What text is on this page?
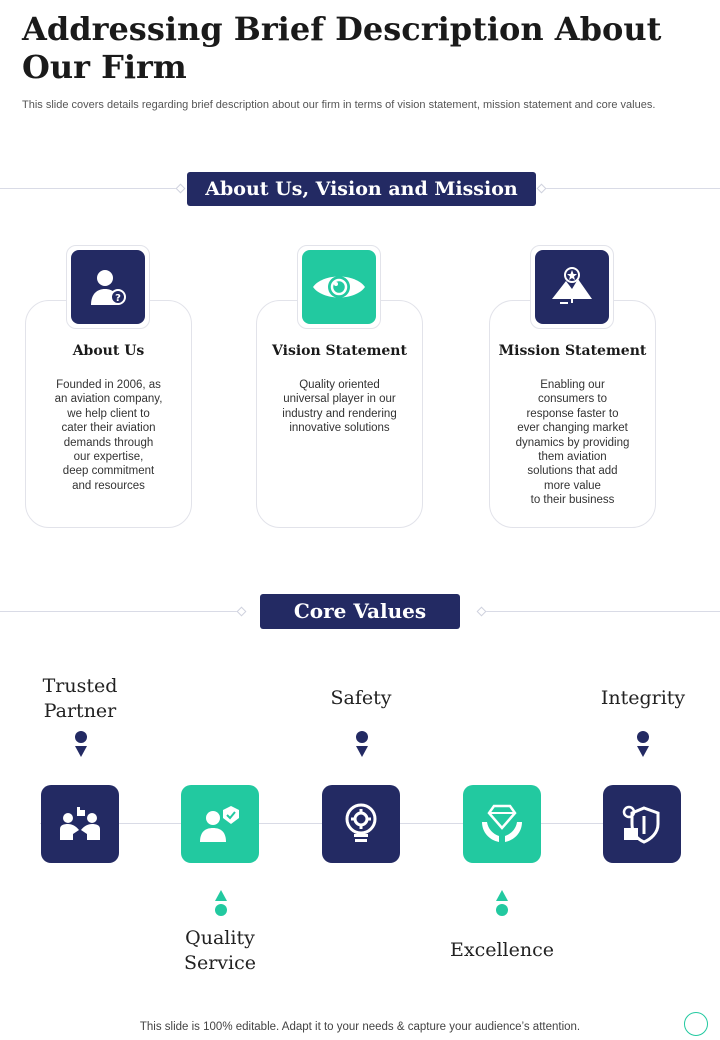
Addressing Brief Description About Our Firm
This slide covers details regarding brief description about our firm in terms of vision statement, mission statement and core values.
About Us, Vision and Mission
?
About Us
Founded in 2006, as
an aviation company,
we help client to
cater their aviation
demands through
our expertise,
deep commitment
and resources
Vision Statement
Quality oriented
universal player in our
industry and rendering
innovative solutions
Mission Statement
Enabling our
consumers to
response faster to
ever changing market
dynamics by providing
them aviation
solutions that add
more value
to their business
Core Values
Trusted
Partner
Safety	Integrity
Quality
Service
Excellence
This slide is 100% editable. Adapt it to your needs & capture your audience’s attention.
